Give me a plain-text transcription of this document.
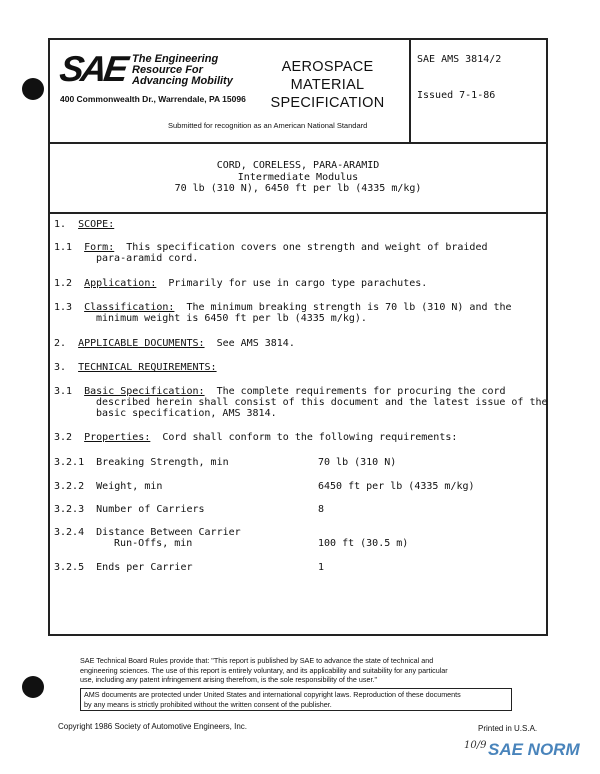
SAE The Engineering
Resource For
Advancing Mobility
400 Commonwealth Dr., Warrendale, PA 15096
AEROSPACE
MATERIAL
SPECIFICATION
Submitted for recognition as an American National Standard
SAE AMS 3814/2
Issued 7-1-86
CORD, CORELESS, PARA-ARAMID
Intermediate Modulus
70 lb (310 N), 6450 ft per lb (4335 m/kg)
1. SCOPE:
1.1 Form:  This specification covers one strength and weight of braided
para-aramid cord.
1.2 Application:  Primarily for use in cargo type parachutes.
1.3 Classification:  The minimum breaking strength is 70 lb (310 N) and the
minimum weight is 6450 ft per lb (4335 m/kg).
2. APPLICABLE DOCUMENTS:  See AMS 3814.
3. TECHNICAL REQUIREMENTS:
3.1 Basic Specification:  The complete requirements for procuring the cord
described herein shall consist of this document and the latest issue of the
basic specification, AMS 3814.
3.2 Properties:  Cord shall conform to the following requirements:
3.2.1 Breaking Strength, min	70 lb (310 N)
3.2.2 Weight, min	6450 ft per lb (4335 m/kg)
3.2.3 Number of Carriers	8
3.2.4 Distance Between Carrier
Run-Offs, min	100 ft (30.5 m)
3.2.5 Ends per Carrier	1
SAE Technical Board Rules provide that: "This report is published by SAE to advance the state of technical and
engineering sciences. The use of this report is entirely voluntary, and its applicability and suitability for any particular
use, including any patent infringement arising therefrom, is the sole responsibility of the user."
AMS documents are protected under United States and international copyright laws. Reproduction of these documents
by any means is strictly prohibited without the written consent of the publisher.
Copyright 1986 Society of Automotive Engineers, Inc.	Printed in U.S.A.
10/9 SAE NORM
